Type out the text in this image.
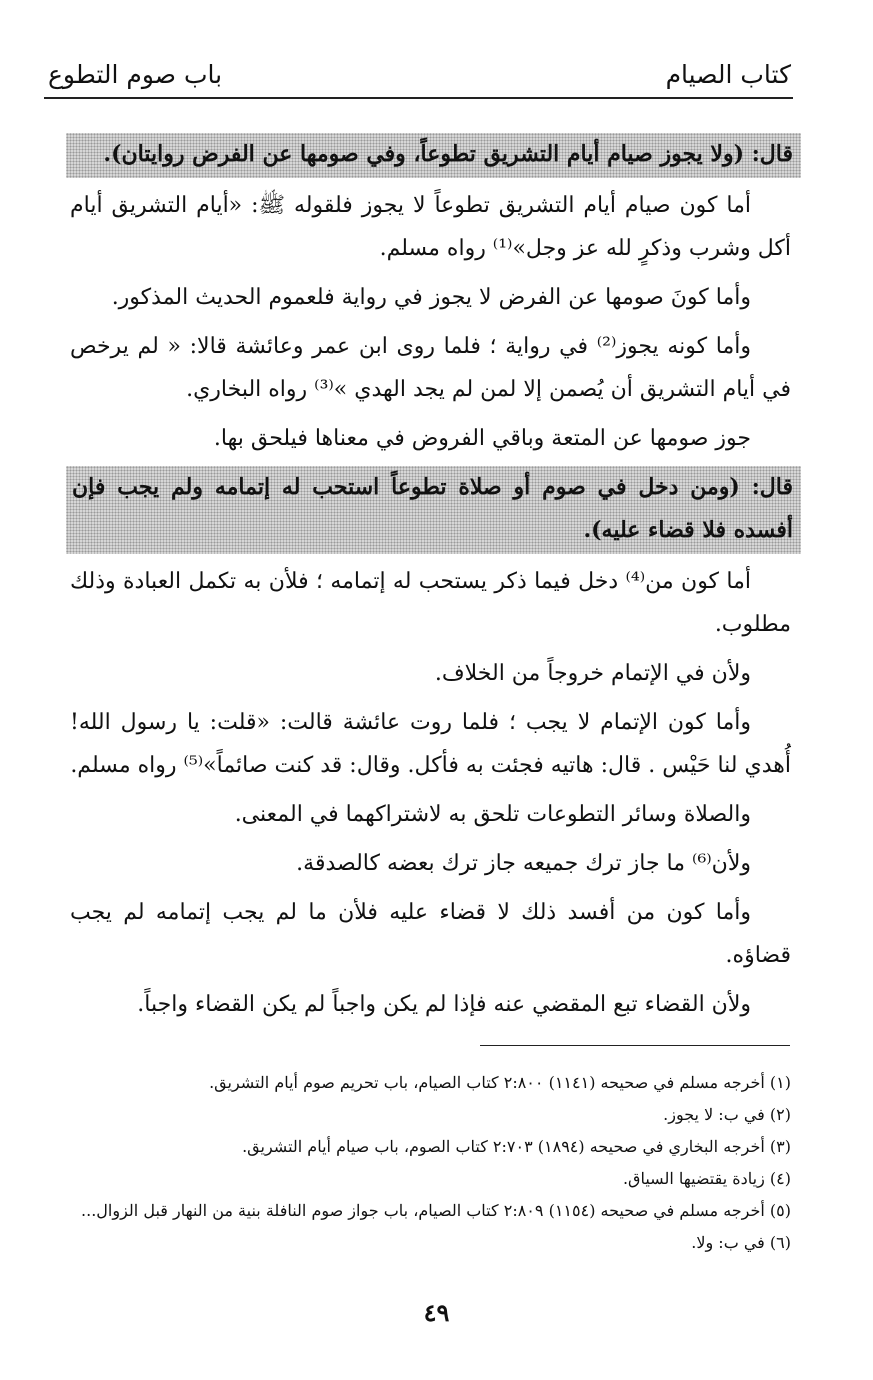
باب صوم التطوع	كتاب الصيام

قال: (ولا يجوز صيام أيام التشريق تطوعاً، وفي صومها عن الفرض روايتان).

أما كون صيام أيام التشريق تطوعاً لا يجوز فلقوله ﷺ: «أيام التشريق أيام أكل وشرب وذكرٍ لله عز وجل»⁽¹⁾ رواه مسلم.

وأما كونَ صومها عن الفرض لا يجوز في رواية فلعموم الحديث المذكور.

وأما كونه يجوز⁽²⁾ في رواية ؛ فلما روى ابن عمر وعائشة قالا: « لم يرخص في أيام التشريق أن يُصمن إلا لمن لم يجد الهدي »⁽³⁾ رواه البخاري.

جوز صومها عن المتعة وباقي الفروض في معناها فيلحق بها.

قال: (ومن دخل في صوم أو صلاة تطوعاً استحب له إتمامه ولم يجب فإن أفسده فلا قضاء عليه).

أما كون من⁽⁴⁾ دخل فيما ذكر يستحب له إتمامه ؛ فلأن به تكمل العبادة وذلك مطلوب.

ولأن في الإتمام خروجاً من الخلاف.

وأما كون الإتمام لا يجب ؛ فلما روت عائشة قالت: «قلت: يا رسول الله! أُهدي لنا حَيْس . قال: هاتيه فجئت به فأكل. وقال: قد كنت صائماً»⁽⁵⁾ رواه مسلم.

والصلاة وسائر التطوعات تلحق به لاشتراكهما في المعنى.

ولأن⁽⁶⁾ ما جاز ترك جميعه جاز ترك بعضه كالصدقة.

وأما كون من أفسد ذلك لا قضاء عليه فلأن ما لم يجب إتمامه لم يجب قضاؤه.

ولأن القضاء تبع المقضي عنه فإذا لم يكن واجباً لم يكن القضاء واجباً.

(١) أخرجه مسلم في صحيحه (١١٤١) ٢:٨٠٠ كتاب الصيام، باب تحريم صوم أيام التشريق.

(٢) في ب: لا يجوز.

(٣) أخرجه البخاري في صحيحه (١٨٩٤) ٢:٧٠٣ كتاب الصوم، باب صيام أيام التشريق.

(٤) زيادة يقتضيها السياق.

(٥) أخرجه مسلم في صحيحه (١١٥٤) ٢:٨٠٩ كتاب الصيام، باب جواز صوم النافلة بنية من النهار قبل الزوال...

(٦) في ب: ولا.

٤٩
